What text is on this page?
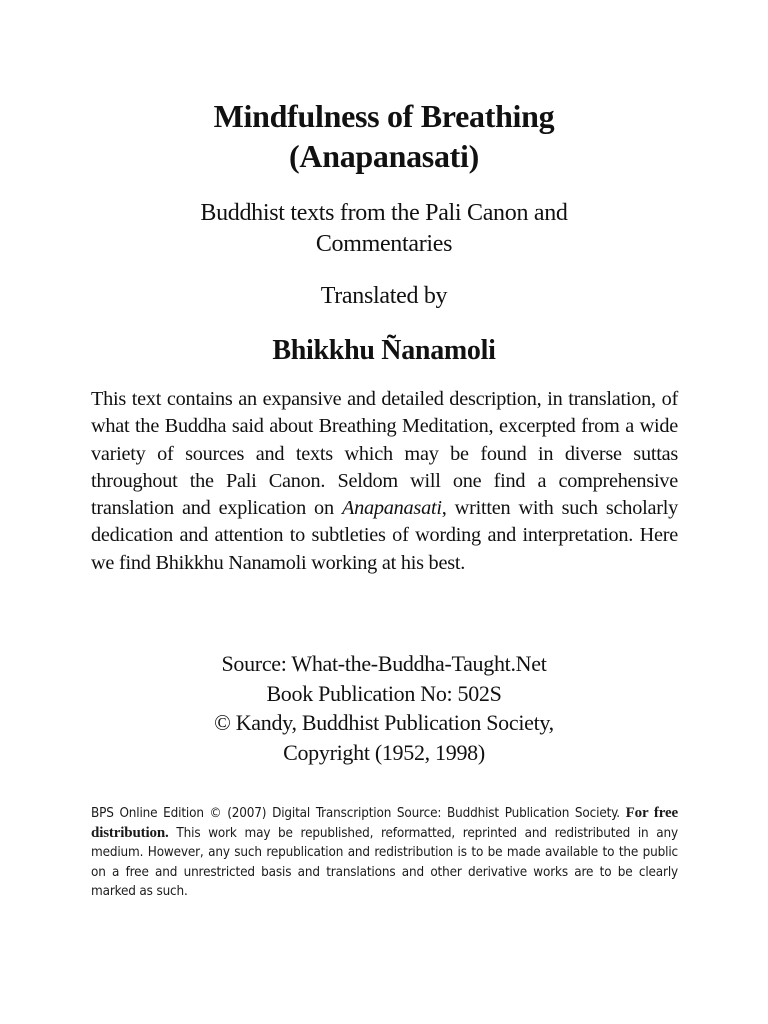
Mindfulness of Breathing
(Anapanasati)
Buddhist texts from the Pali Canon and
Commentaries
Translated by
Bhikkhu Ñanamoli
This text contains an expansive and detailed description, in translation, of what the Buddha said about Breathing Meditation, excerpted from a wide variety of sources and texts which may be found in diverse suttas throughout the Pali Canon. Seldom will one find a comprehensive translation and explication on Anapanasati, written with such scholarly dedication and attention to subtleties of wording and interpretation. Here we find Bhikkhu Nanamoli working at his best.
Source: What-the-Buddha-Taught.Net
Book Publication No: 502S
© Kandy, Buddhist Publication Society,
Copyright (1952, 1998)
BPS Online Edition © (2007) Digital Transcription Source: Buddhist Publication Society. For free distribution. This work may be republished, reformatted, reprinted and redistributed in any medium. However, any such republication and redistribution is to be made available to the public on a free and unrestricted basis and translations and other derivative works are to be clearly marked as such.
